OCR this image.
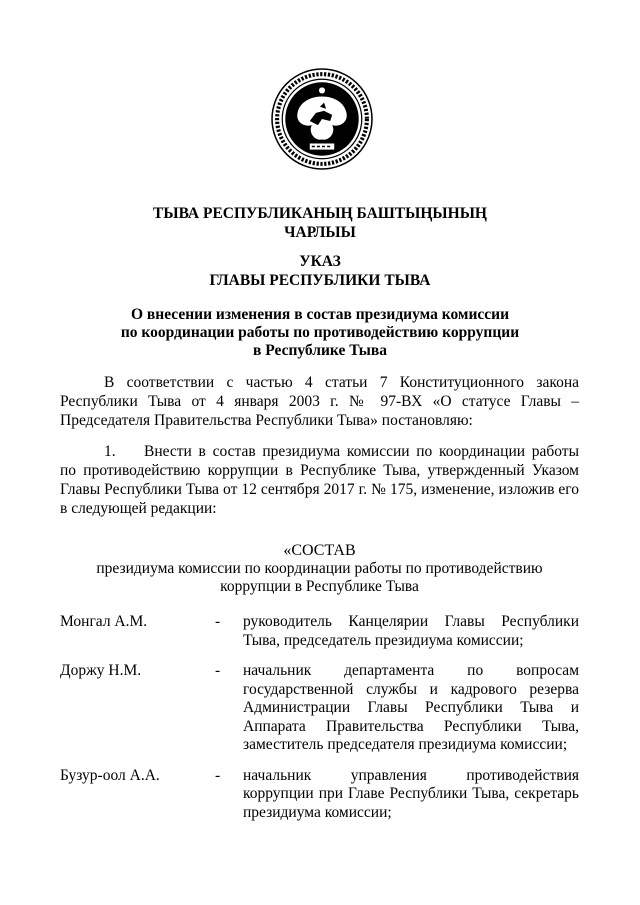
ТЫВА РЕСПУБЛИКАНЫҢ БАШТЫҢЫНЫҢ
ЧАРЛЫЫ
УКАЗ
ГЛАВЫ РЕСПУБЛИКИ ТЫВА
О внесении изменения в состав президиума комиссии
по координации работы по противодействию коррупции
в Республике Тыва
В соответствии с частью 4 статьи 7 Конституционного закона Республики Тыва от 4 января 2003 г. № 97-ВХ «О статусе Главы – Председателя Правительства Республики Тыва» постановляю:
1. Внести в состав президиума комиссии по координации работы по противодействию коррупции в Республике Тыва, утвержденный Указом Главы Республики Тыва от 12 сентября 2017 г. № 175, изменение, изложив его в следующей редакции:
«СОСТАВ
президиума комиссии по координации работы по противодействию
коррупции в Республике Тыва
Монгал А.М.	-	руководитель Канцелярии Главы Республики Тыва, председатель президиума комиссии;
Доржу Н.М.	-	начальник департамента по вопросам государственной службы и кадрового резерва Администрации Главы Республики Тыва и Аппарата Правительства Республики Тыва, заместитель председателя президиума комиссии;
Бузур-оол А.А.	-	начальник управления противодействия коррупции при Главе Республики Тыва, секретарь президиума комиссии;
